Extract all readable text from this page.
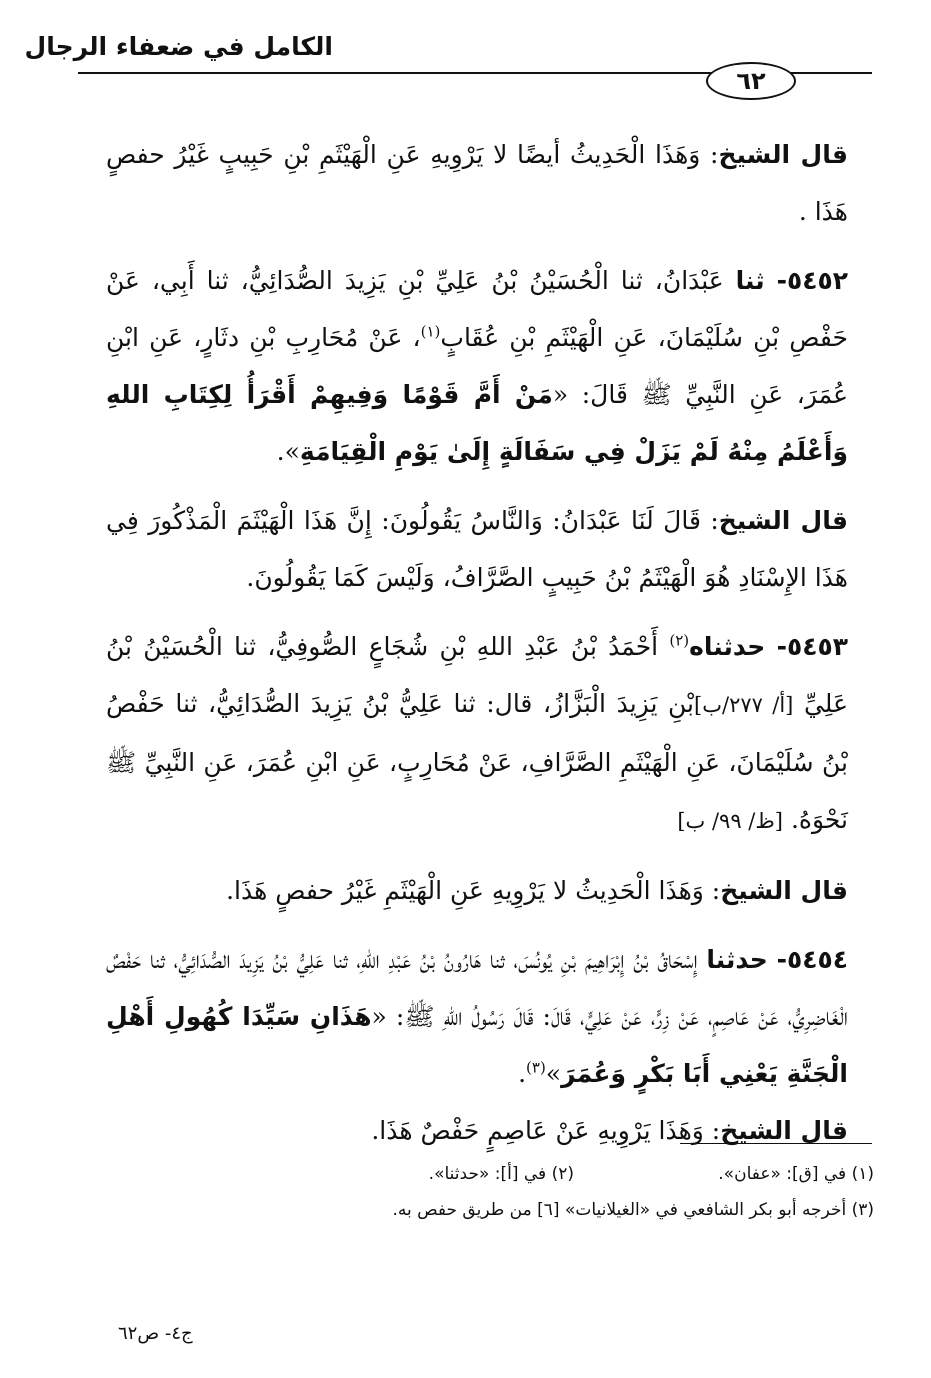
الكامل في ضعفاء الرجال
٦٢

قال الشيخ: وَهَذَا الْحَدِيثُ أيضًا لا يَرْوِيهِ عَنِ الْهَيْثَمِ بْنِ حَبِيبٍ غَيْرُ حفصٍ هَذَا .

٥٤٥٢- ثنا عَبْدَانُ، ثنا الْحُسَيْنُ بْنُ عَلِيِّ بْنِ يَزِيدَ الصُّدَائِيُّ، ثنا أَبِي، عَنْ حَفْصِ بْنِ سُلَيْمَانَ، عَنِ الْهَيْثَمِ بْنِ عُقَابٍ$^{(١)}$، عَنْ مُحَارِبِ بْنِ دثَارٍ، عَنِ ابْنِ عُمَرَ، عَنِ النَّبِيِّ ﷺ قَالَ: «مَنْ أَمَّ قَوْمًا وَفِيهِمْ أَقْرَأُ لِكِتَابِ اللهِ وَأَعْلَمُ مِنْهُ لَمْ يَزَلْ فِي سَفَالَةٍ إِلَىٰ يَوْمِ الْقِيَامَةِ».

قال الشيخ: قَالَ لَنَا عَبْدَانُ: وَالنَّاسُ يَقُولُونَ: إِنَّ هَذَا الْهَيْثَمَ الْمَذْكُورَ فِي هَذَا الإِسْنَادِ هُوَ الْهَيْثَمُ بْنُ حَبِيبٍ الصَّرَّافُ، وَلَيْسَ كَمَا يَقُولُونَ.

٥٤٥٣- حدثناه$^{(٢)}$ أَحْمَدُ بْنُ عَبْدِ اللهِ بْنِ شُجَاعٍ الصُّوفِيُّ، ثنا الْحُسَيْنُ بْنُ عَلِيِّ [أ/ ٢٧٧/ب]بْنِ يَزِيدَ الْبَزَّازُ، قال: ثنا عَلِيُّ بْنُ يَزِيدَ الصُّدَائِيُّ، ثنا حَفْصُ بْنُ سُلَيْمَانَ، عَنِ الْهَيْثَمِ الصَّرَّافِ، عَنْ مُحَارِبٍ، عَنِ ابْنِ عُمَرَ، عَنِ النَّبِيِّ ﷺ نَحْوَهُ. [ظ/ ٩٩/ ب]

قال الشيخ: وَهَذَا الْحَدِيثُ لا يَرْوِيهِ عَنِ الْهَيْثَمِ غَيْرُ حفصٍ هَذَا.

٥٤٥٤- حدثنا إِسْحَاقُ بْنُ إِبْرَاهِيمَ بْنِ يُونُسَ، ثنا هَارُونُ بْنُ عَبْدِ اللهِ، ثنا عَلِيُّ بْنُ يَزِيدَ الصُّدَائِيُّ، ثنا حَفْصٌ الْغَاضِرِيُّ، عَنْ عَاصِمٍ، عَنْ زِرٍّ، عَنْ عَلِيٍّ، قَالَ: قَالَ رَسُولُ اللهِ ﷺ: «هَذَانِ سَيِّدَا كُهُولِ أَهْلِ الْجَنَّةِ يَعْنِي أَبَا بَكْرٍ وَعُمَرَ»$^{(٣)}$.

قال الشيخ: وَهَذَا يَرْوِيهِ عَنْ عَاصِمٍ حَفْصٌ هَذَا.

(١) في [ق]: «عفان».
(٢) في [أ]: «حدثنا».
(٣) أخرجه أبو بكر الشافعي في «الغيلانيات» [٦] من طريق حفص به.
ج٤- ص٦٢
